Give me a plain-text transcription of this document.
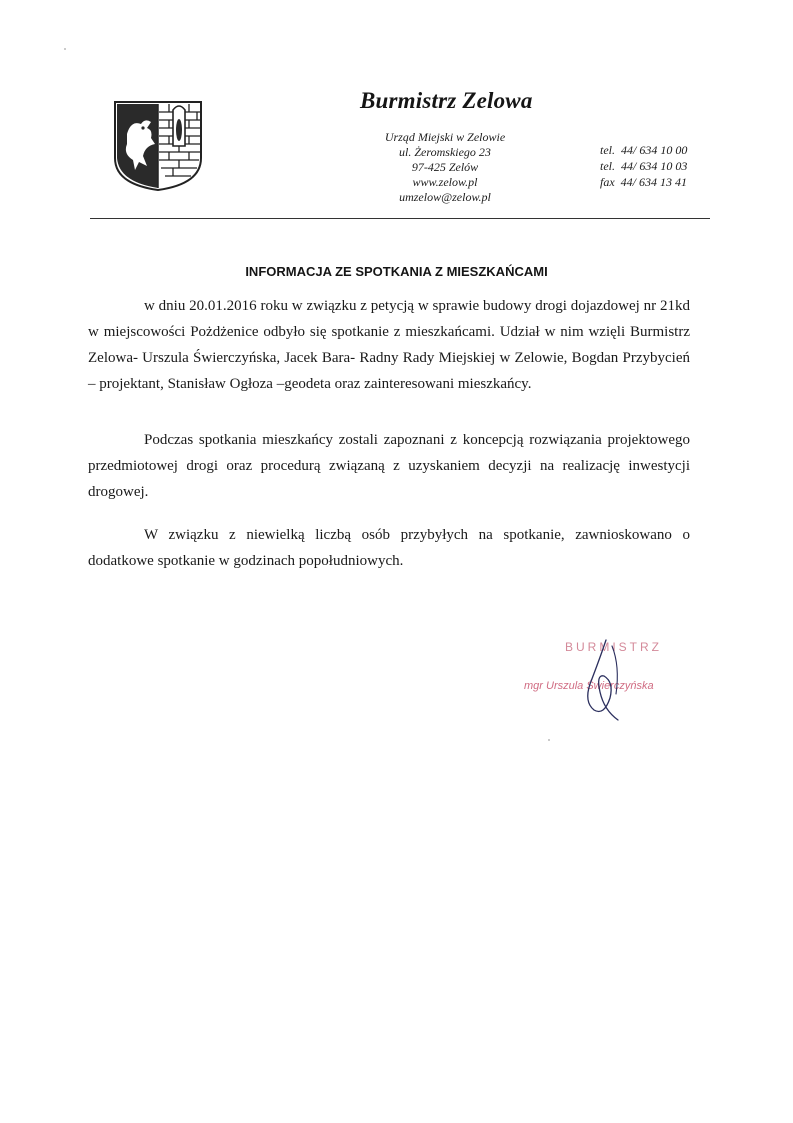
Burmistrz Zelowa
Urząd Miejski w Zelowie
ul. Żeromskiego 23
97-425 Zelów
www.zelow.pl
umzelow@zelow.pl
tel.  44/ 634 10 00
tel.  44/ 634 10 03
fax  44/ 634 13 41
INFORMACJA ZE SPOTKANIA Z MIESZKAŃCAMI

w dniu 20.01.2016 roku w związku z petycją w sprawie budowy drogi dojazdowej nr 21kd w miejscowości Pożdżenice odbyło się spotkanie z mieszkańcami. Udział w nim wzięli Burmistrz Zelowa- Urszula Świerczyńska, Jacek Bara- Radny Rady Miejskiej w Zelowie, Bogdan Przybycień – projektant, Stanisław Ogłoza –geodeta oraz zainteresowani mieszkańcy.

Podczas spotkania mieszkańcy zostali zapoznani z koncepcją rozwiązania projektowego przedmiotowej drogi oraz procedurą związaną z uzyskaniem decyzji na realizację inwestycji drogowej.

W związku z niewielką liczbą osób przybyłych na spotkanie, zawnioskowano o dodatkowe spotkanie w godzinach popołudniowych.

BURMISTRZ
mgr Urszula Świerczyńska
